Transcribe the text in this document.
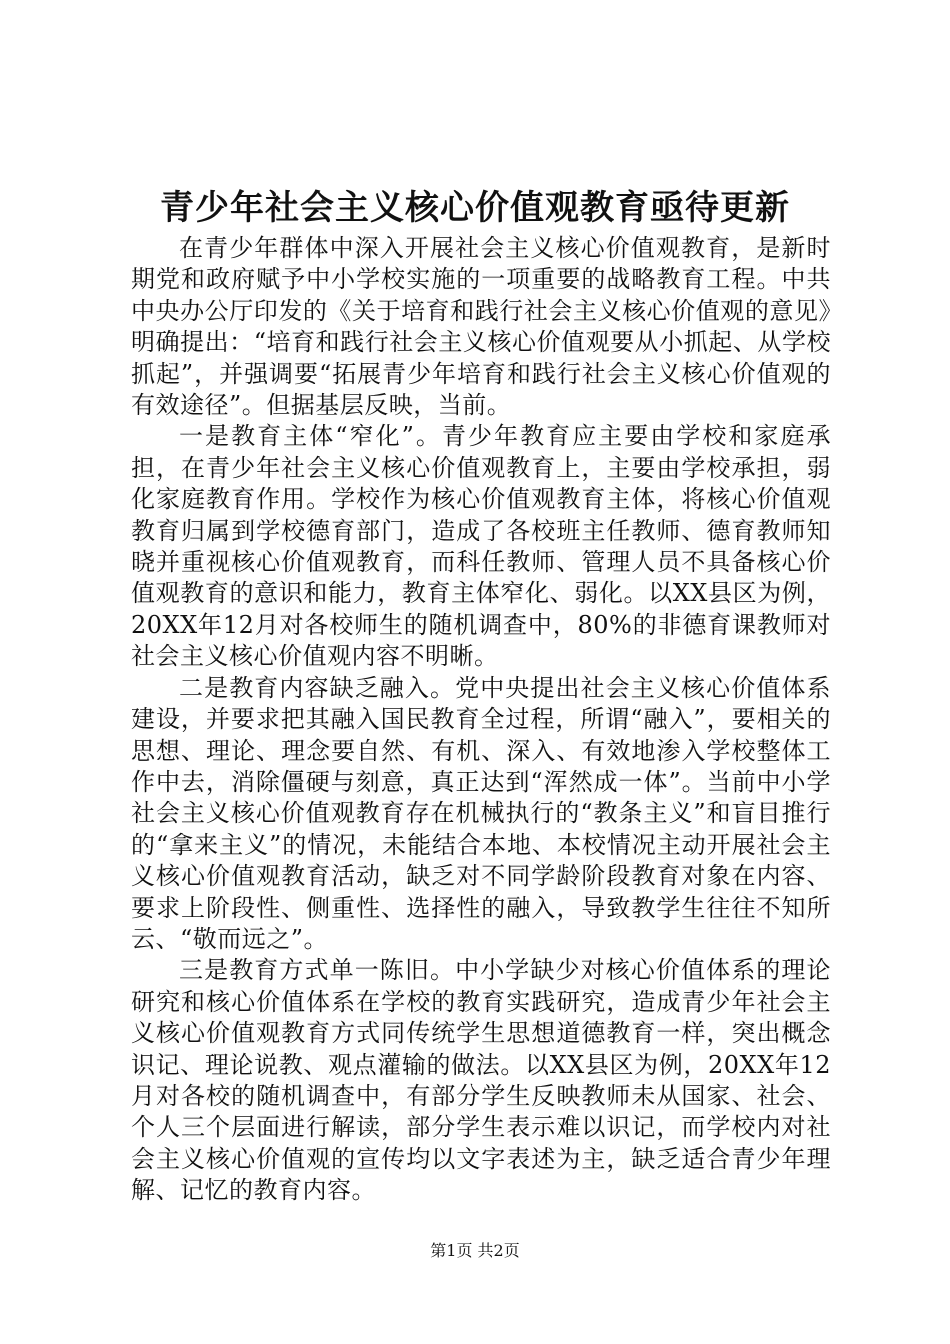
青少年社会主义核心价值观教育亟待更新

在青少年群体中深入开展社会主义核心价值观教育，是新时期党和政府赋予中小学校实施的一项重要的战略教育工程。中共中央办公厅印发的《关于培育和践行社会主义核心价值观的意见》明确提出：“培育和践行社会主义核心价值观要从小抓起、从学校抓起”，并强调要“拓展青少年培育和践行社会主义核心价值观的有效途径”。但据基层反映，当前。

一是教育主体“窄化”。青少年教育应主要由学校和家庭承担，在青少年社会主义核心价值观教育上，主要由学校承担，弱化家庭教育作用。学校作为核心价值观教育主体，将核心价值观教育归属到学校德育部门，造成了各校班主任教师、德育教师知晓并重视核心价值观教育，而科任教师、管理人员不具备核心价值观教育的意识和能力，教育主体窄化、弱化。以XX县区为例，20XX年12月对各校师生的随机调查中，80%的非德育课教师对社会主义核心价值观内容不明晰。

二是教育内容缺乏融入。党中央提出社会主义核心价值体系建设，并要求把其融入国民教育全过程，所谓“融入”，要相关的思想、理论、理念要自然、有机、深入、有效地渗入学校整体工作中去，消除僵硬与刻意，真正达到“浑然成一体”。当前中小学社会主义核心价值观教育存在机械执行的“教条主义”和盲目推行的“拿来主义”的情况，未能结合本地、本校情况主动开展社会主义核心价值观教育活动，缺乏对不同学龄阶段教育对象在内容、要求上阶段性、侧重性、选择性的融入，导致教学生往往不知所云、“敬而远之”。

三是教育方式单一陈旧。中小学缺少对核心价值体系的理论研究和核心价值体系在学校的教育实践研究，造成青少年社会主义核心价值观教育方式同传统学生思想道德教育一样，突出概念识记、理论说教、观点灌输的做法。以XX县区为例，20XX年12月对各校的随机调查中，有部分学生反映教师未从国家、社会、个人三个层面进行解读，部分学生表示难以识记，而学校内对社会主义核心价值观的宣传均以文字表述为主，缺乏适合青少年理解、记忆的教育内容。

第1页 共2页
